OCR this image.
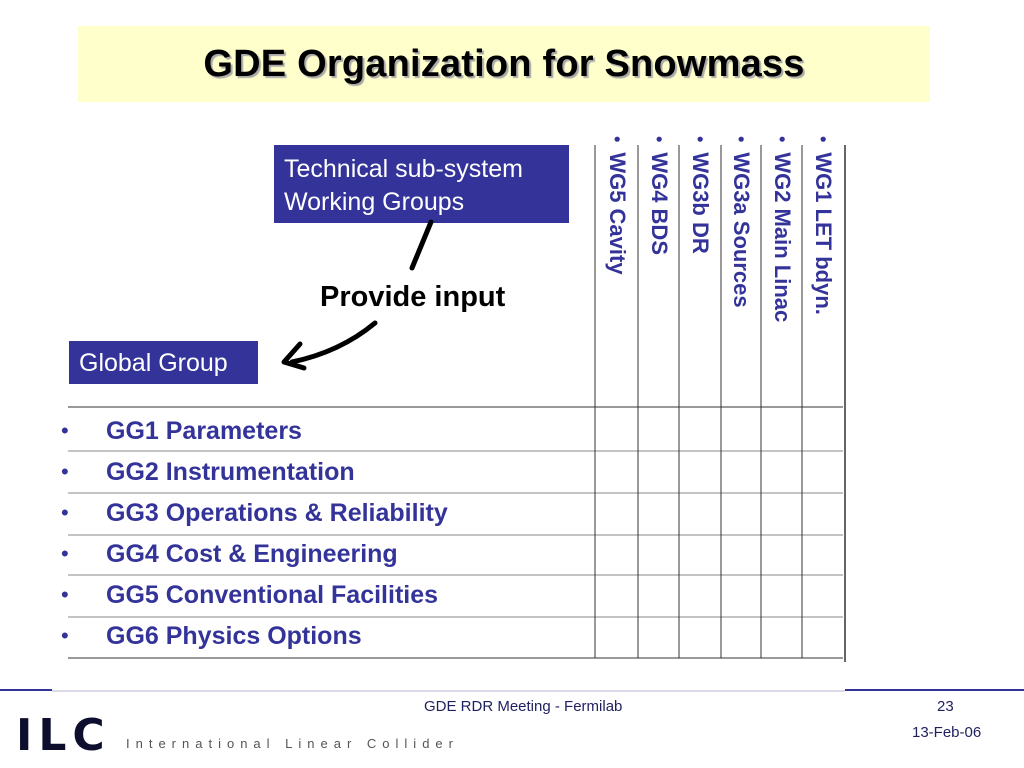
GDE Organization for Snowmass
Technical sub-system
Working Groups
Global Group
Provide input
•  WG5 Cavity
•  WG4 BDS
•  WG3b DR
•  WG3a Sources
•  WG2 Main Linac
•  WG1 LET bdyn.
•	GG1 Parameters
•	GG2 Instrumentation
•	GG3 Operations & Reliability
•	GG4 Cost & Engineering
•	GG5 Conventional Facilities
•	GG6 Physics Options
GDE RDR Meeting - Fermilab	23
13-Feb-06
ILC International Linear Collider
